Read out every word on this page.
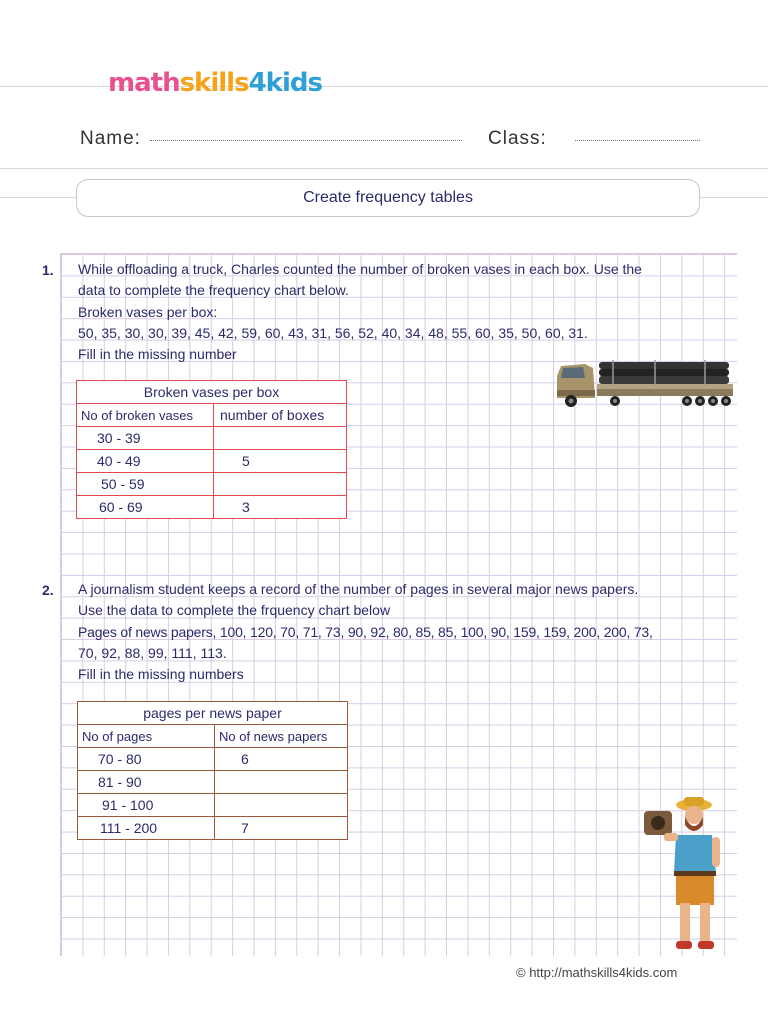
mathskills4kids
Name:	Class:
Create frequency tables
1. While offloading a truck, Charles counted the number of broken vases in each box. Use the
data to complete the frequency chart below.
Broken vases per box:
50, 35, 30, 30, 39, 45, 42, 59, 60, 43, 31, 56, 52, 40, 34, 48, 55, 60, 35, 50, 60, 31.
Fill in the missing number
Broken vases per box	
No of broken vases	number of boxes
30 - 39	
40 - 49	5
50 - 59	
60 - 69	3
2. A journalism student keeps a record of the number of pages in several major news papers.
Use the data to complete the frquency chart below
Pages of news papers, 100, 120, 70, 71, 73, 90, 92, 80, 85, 85, 100, 90, 159, 159, 200, 200, 73,
70, 92, 88, 99, 111, 113.
Fill in the missing numbers
pages per news paper	
No of pages	No of news papers
70 - 80	6
81 - 90	
91 - 100	
111 - 200	7
© http://mathskills4kids.com
